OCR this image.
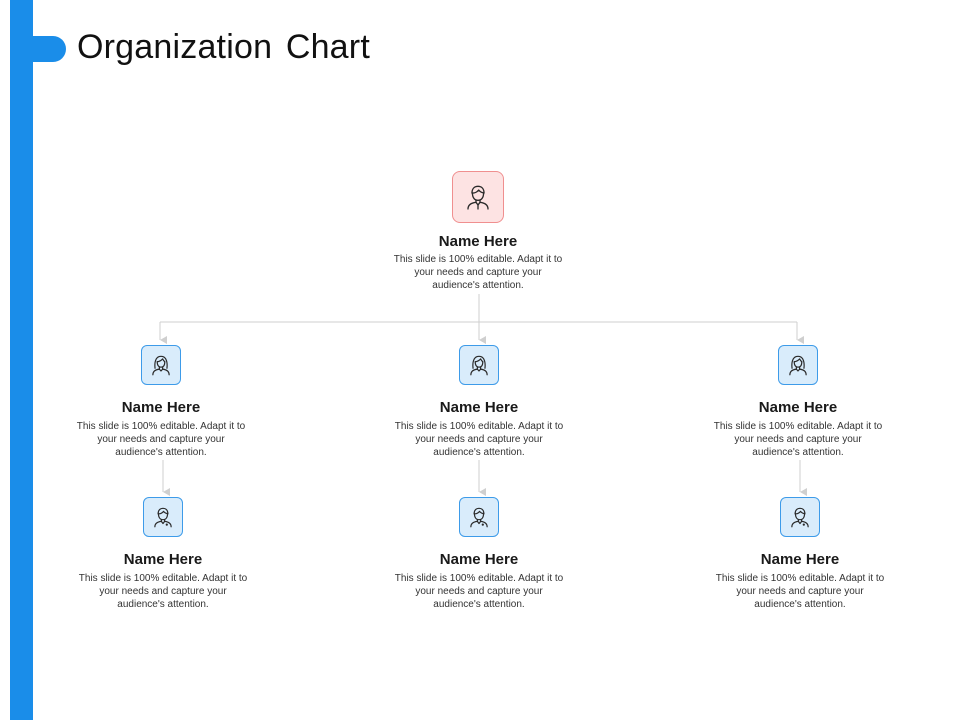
Organization Chart
Name Here
This slide is 100% editable. Adapt it to your needs and capture your audience's attention.
Name Here
This slide is 100% editable. Adapt it to your needs and capture your audience's attention.
Name Here
This slide is 100% editable. Adapt it to your needs and capture your audience's attention.
Name Here
This slide is 100% editable. Adapt it to your needs and capture your audience's attention.
Name Here
This slide is 100% editable. Adapt it to your needs and capture your audience's attention.
Name Here
This slide is 100% editable. Adapt it to your needs and capture your audience's attention.
Name Here
This slide is 100% editable. Adapt it to your needs and capture your audience's attention.
